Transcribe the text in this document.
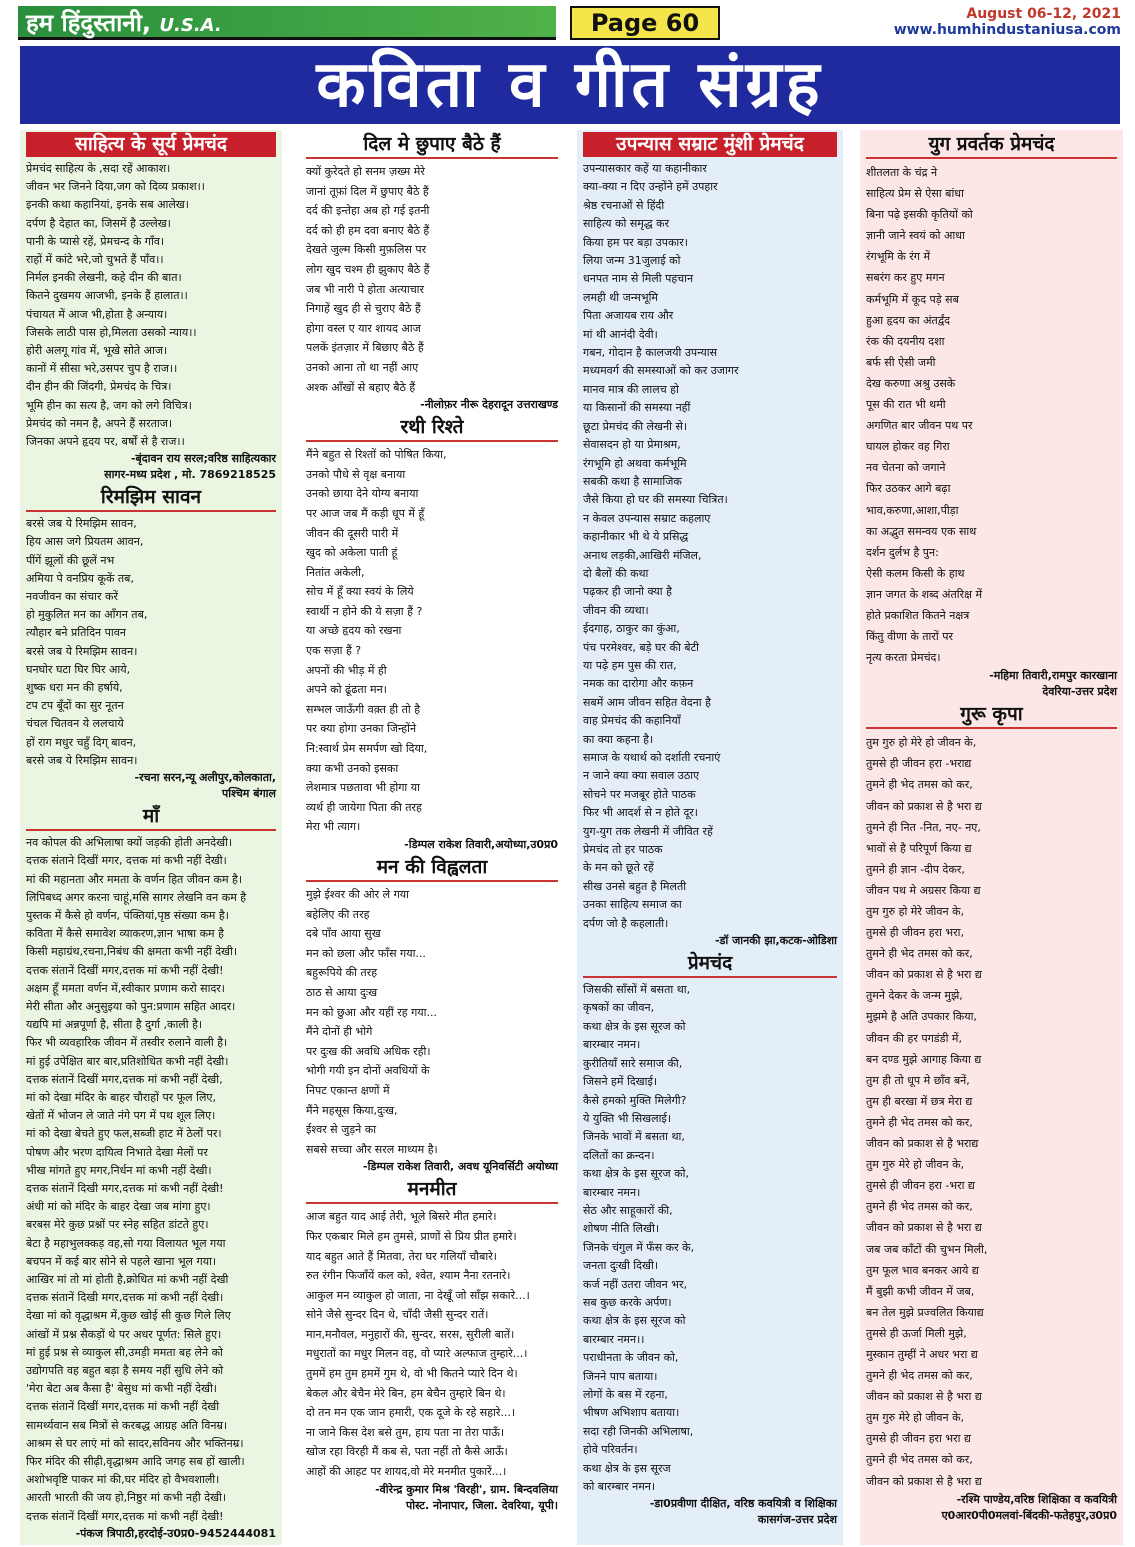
हम हिंदुस्तानी, U.S.A.	Page 60	August 06-12, 2021
www.humhindustaniusa.com
कविता व गीत संग्रह
साहित्य के सूर्य प्रेमचंद
प्रेमचंद साहित्य के ,सदा रहें आकाश।
जीवन भर जिनने दिया,जग को दिव्य प्रकाश।।
इनकी कथा कहानियां, इनके सब आलेख।
दर्पण है देहात का, जिसमें है उल्लेख।
पानी के प्यासे रहें, प्रेमचन्द के गाँव।
राहों में कांटे भरे,जो चुभते हैं पाँव।।
निर्मल इनकी लेखनी, कहे दीन की बात।
कितने दुखमय आजभी, इनके हैं हालात।।
पंचायत में आज भी,होता है अन्याय।
जिसके लाठी पास हो,मिलता उसको न्याय।।
होरी अलगू गांव में, भूखे सोते आज।
कानों में सीसा भरे,उसपर चुप है राज।।
दीन हीन की जिंदगी, प्रेमचंद के चित्र।
भूमि हीन का सत्य है, जग को लगे विचित्र।
प्रेमचंद को नमन है, अपने हैं सरताज।
जिनका अपने हृदय पर, बर्षों से है राज।।
-बृंदावन राय सरल;वरिष्ठ साहित्यकार
सागर-मध्य प्रदेश , मो. 7869218525
रिमझिम सावन
बरसे जब ये रिमझिम सावन,
हिय आस जगे प्रियतम आवन,
पींगें झूलों की छूलें नभ
अमिया पे वनप्रिय कूकें तब,
नवजीवन का संचार करें
हो मुकुलित मन का आँगन तब,
त्यौहार बने प्रतिदिन पावन
बरसे जब ये रिमझिम सावन।
घनघोर घटा घिर घिर आये,
शुष्क धरा मन की हर्षाये,
टप टप बूँदों का सुर नूतन
चंचल चितवन ये ललचाये
हों राग मधुर चहुँ दिग् बावन,
बरसे जब ये रिमझिम सावन।
-रचना सरन,न्यू अलीपुर,कोलकाता,
पश्चिम बंगाल
माँ
नव कोपल की अभिलाषा क्यों जड़की होती अनदेखी।
दत्तक संताने दिखीं मगर, दत्तक मां कभी नहीं देखी।
मां की महानता और ममता के वर्णन हित जीवन कम है।
लिपिबध्द अगर करना चाहूं,मसि सागर लेखनि वन कम है
पुस्तक में कैसे हो वर्णन, पंक्तियां,पृष्ठ संख्या कम है।
कविता में कैसे समावेश व्याकरण,ज्ञान भाषा कम है
किसी महाग्रंथ,रचना,निबंध की क्षमता कभी नहीं देखी।
दत्तक संतानें दिखीं मगर,दत्तक मां कभी नहीं देखी!
अक्षम हूँ ममता वर्णन में,स्वीकार प्रणाम करो सादर।
मेरी सीता और अनुसुइया को पुन:प्रणाम सहित आदर।
यद्यपि मां अन्नपूर्णा है, सीता है दुर्गा ,काली है।
फिर भी व्यवहारिक जीवन में तस्वीर रुलाने वाली है।
मां हुई उपेक्षित बार बार,प्रतिशोधित कभी नहीं देखी।
दत्तक संतानें दिखीं मगर,दत्तक मां कभी नहीं देखी,
मां को देखा मंदिर के बाहर चौराहों पर फूल लिए,
खेतों में भोजन ले जाते नंगे पग में पथ शूल लिए।
मां को देखा बेचते हुए फल,सब्जी हाट में ठेलों पर।
पोषण और भरण दायित्व निभाते देखा मेलों पर
भीख मांगते हुए मगर,निर्धन मां कभी नहीं देखी।
दत्तक संतानें दिखी मगर,दत्तक मां कभी नहीं देखी!
अंधी मां को मंदिर के बाहर देखा जब मांगा हुए।
बरबस मेरे कुछ प्रश्नों पर स्नेह सहित डांटते हुए।
बेटा है महाभुलक्कड़ वह,सो गया विलायत भूल गया
बचपन में कई बार सोने से पहले खाना भूल गया।
आखिर मां तो मां होती है,क्रोधित मां कभी नहीं देखी
दत्तक संतानें दिखी मगर,दत्तक मां कभी नहीं देखी।
देखा मां को वृद्धाश्रम में,कुछ खोई सी कुछ गिले लिए
आंखों में प्रश्न सैकड़ों थे पर अधर पूर्णत: सिले हुए।
मां हुई प्रश्न से व्याकुल सी,उमड़ी ममता बह लेने को
उद्योगपति वह बहुत बड़ा है समय नहीं सुधि लेने को
'मेरा बेटा अब कैसा है' बेसुध मां कभी नहीं देखी।
दत्तक संतानें दिखीं मगर,दत्तक मां कभी नहीं देखी
सामर्थ्यवान सब मित्रों से करबद्ध आग्रह अति विनम्र।
आश्रम से घर लाएं मां को सादर,सविनय और भक्तिनम्र।
फिर मंदिर की सीढ़ी,वृद्धाश्रम आदि जगह सब हों खाली।
अशोभवृष्टि पाकर मां की,घर मंदिर हो वैभवशाली।
आरती भारती की जय हो,निष्ठुर मां कभी नही देखी।
दत्तक संतानें दिखीं मगर,दत्तक मां कभी नहीं देखी!
-पंकज त्रिपाठी,हरदोई-उ0प्र0-9452444081
दिल मे छुपाए बैठे हैं
क्यों कुरेदते हो सनम ज़ख्म मेरे
जानां तूफ़ां दिल में छुपाए बैठे हैं
दर्द की इन्तेहा अब हो गई इतनी
दर्द को ही हम दवा बनाए बैठे हैं
देखते जुल्म किसी मुफ़लिस पर
लोग खुद चश्म ही झुकाए बैठे हैं
जब भी नारी पे होता अत्याचार
निगाहें खुद ही से चुराए बैठे हैं
होगा वस्ल ए यार शायद आज
पलकें इंतज़ार में बिछाए बैठे हैं
उनको आना तो था नहीं आए
अश्क आँखों से बहाए बैठे हैं
-नीलोफ़र नीरू देहरादून उत्तराखण्ड
रथी रिश्ते
मैंने बहुत से रिश्तों को पोषित किया,
उनको पौधे से वृक्ष बनाया
उनको छाया देने योग्य बनाया
पर आज जब मैं कड़ी धूप में हूँ
जीवन की दूसरी पारी में
खुद को अकेला पाती हूं
नितांत अकेली,
सोच में हूँ क्या स्वयं के लिये
स्वार्थी न होने की ये सज़ा हैं ?
या अच्छे हृदय को रखना
एक सज़ा हैं ?
अपनों की भीड़ में ही
अपने को ढूंढता मन।
सम्भल जाऊँगी वक़्त ही तो है
पर क्या होगा उनका जिन्होंने
नि:स्वार्थ प्रेम समर्पण खो दिया,
क्या कभी उनको इसका
लेशमात्र पछतावा भी होगा या
व्यर्थ ही जायेगा पिता की तरह
मेरा भी त्याग।
-डिम्पल राकेश तिवारी,अयोध्या,उ0प्र0
मन की विह्वलता
मुझे ईश्वर की ओर ले गया
बहेलिए की तरह
दबे पाँव आया सुख
मन को छला और फाँस गया...
बहुरूपिये की तरह
ठाठ से आया दुःख
मन को छुआ और यहीं रह गया...
मैंने दोनों ही भोगे
पर दुःख की अवधि अधिक रही।
भोगी गयी इन दोनों अवधियों के
निपट एकान्त क्षणों में
मैंने महसूस किया,दुःख,
ईश्वर से जुड़ने का
सबसे सच्चा और सरल माध्यम है।
-डिम्पल राकेश तिवारी, अवध यूनिवर्सिटी अयोध्या
मनमीत
आज बहुत याद आई तेरी, भूले बिसरे मीत हमारे।
फिर एकबार मिले हम तुमसे, प्राणों से प्रिय प्रीत हमारे।
याद बहुत आते हैं मितवा, तेरा घर गलियाँ चौबारे।
रुत रंगीन फिजाँयें कल को, श्वेत, श्याम नैना रतनारे।
आकुल मन व्याकुल हो जाता, ना देखूँ जो साँझ सकारे...।
सोने जैसे सुन्दर दिन थे, चाँदी जैसी सुन्दर रातें।
मान,मनौवल, मनुहारों की, सुन्दर, सरस, सुरीली बातें।
मधुरातों का मधुर मिलन वह, वो प्यारे अल्फाज तुम्हारे...।
तुममें हम तुम हममें गुम थे, वो भी कितने प्यारे दिन थे।
बेकल और बेचैन मेरे बिन, हम बेचैन तुम्हारे बिन थे।
दो तन मन एक जान हमारी, एक दूजे के रहे सहारे...।
ना जाने किस देश बसे तुम, हाय पता ना तेरा पाऊँ।
खोज रहा विरही मैं कब से, पता नहीं तो कैसे आऊँ।
आहों की आहट पर शायद,वो मेरे मनमीत पुकारें...।
-वीरेन्द्र कुमार मिश्र 'विरही', ग्राम. बिन्दवलिया
पोस्ट. नोनापार, जिला. देवरिया, यूपी।
उपन्यास सम्राट मुंशी प्रेमचंद
उपन्यासकार कहें या कहानीकार
क्या-क्या न दिए उन्होंने हमें उपहार
श्रेष्ठ रचनाओं से हिंदी
साहित्य को समृद्ध कर
किया हम पर बड़ा उपकार।
लिया जन्म 31जुलाई को
धनपत नाम से मिली पहचान
लमही थी जन्मभूमि
पिता अजायब राय और
मां थी आनंदी देवी।
गबन, गोदान है कालजयी उपन्यास
मध्यमवर्ग की समस्याओं को कर उजागर
मानव मात्र की लालच हो
या किसानों की समस्या नहीं
छूटा प्रेमचंद की लेखनी से।
सेवासदन हो या प्रेमाश्रम,
रंगभूमि हो अथवा कर्मभूमि
सबकी कथा है सामाजिक
जैसे किया हो घर की समस्या चित्रित।
न केवल उपन्यास सम्राट कहलाए
कहानीकार भी थे ये प्रसिद्ध
अनाथ लड़की,आखिरी मंजिल,
दो बैलों की कथा
पढ़कर ही जानो क्या है
जीवन की व्यथा।
ईदगाह, ठाकुर का कुंआ,
पंच परमेश्वर, बड़े घर की बेटी
या पढ़े हम पुस की रात,
नमक का दारोगा और कफ़न
सबमें आम जीवन सहित वेदना है
वाह प्रेमचंद की कहानियाँ
का क्या कहना है।
समाज के यथार्थ को दर्शाती रचनाएं
न जाने क्या क्या सवाल उठाए
सोचने पर मजबूर होते पाठक
फिर भी आदर्श से न होते दूर।
युग-युग तक लेखनी में जीवित रहें
प्रेमचंद तो हर पाठक
के मन को छूते रहें
सीख उनसे बहुत है मिलती
उनका साहित्य समाज का
दर्पण जो है कहलाती।
-डॉ जानकी झा,कटक-ओडिशा
प्रेमचंद
जिसकी साँसों में बसता था,
कृषकों का जीवन,
कथा क्षेत्र के इस सूरज को
बारम्बार नमन।
कुरीतियाँ सारे समाज की,
जिसने हमें दिखाई।
कैसे हमको मुक्ति मिलेगी?
ये युक्ति भी सिखलाई।
जिनके भावों में बसता था,
दलितों का क्रन्दन।
कथा क्षेत्र के इस सूरज को,
बारम्बार नमन।
सेठ और साहूकारों की,
शोषण नीति लिखी।
जिनके चंगुल में फँस कर के,
जनता दुःखी दिखी।
कर्ज नहीं उतरा जीवन भर,
सब कुछ करके अर्पण।
कथा क्षेत्र के इस सूरज को
बारम्बार नमन।।
पराधीनता के जीवन को,
जिनने पाप बताया।
लोगों के बस में रहना,
भीषण अभिशाप बताया।
सदा रही जिनकी अभिलाषा,
होवे परिवर्तन।
कथा क्षेत्र के इस सूरज
को बारम्बार नमन।
-डा0प्रवीणा दीक्षित, वरिष्ठ कवयित्री व शिक्षिका
कासगंज-उत्तर प्रदेश
युग प्रवर्तक प्रेमचंद
शीतलता के चंद्र ने
साहित्य प्रेम से ऐसा बांधा
बिना पढ़े इसकी कृतियों को
ज्ञानी जाने स्वयं को आधा
रंगभूमि के रंग में
सबरंग कर हुए मगन
कर्मभूमि में कूद पड़े सब
हुआ हृदय का अंतर्द्वंद
रंक की दयनीय दशा
बर्फ सी ऐसी जमी
देख करुणा अश्रु उसके
पूस की रात भी थमी
अगणित बार जीवन पथ पर
घायल होकर वह गिरा
नव चेतना को जगाने
फिर उठकर आगे बढ़ा
भाव,करुणा,आशा,पीड़ा
का अद्भुत समन्वय एक साथ
दर्शन दुर्लभ है पुन:
ऐसी कलम किसी के हाथ
ज्ञान जगत के शब्द अंतरिक्ष में
होते प्रकाशित कितने नक्षत्र
किंतु वीणा के तारों पर
नृत्य करता प्रेमचंद।
-महिमा तिवारी,रामपुर कारखाना
देवरिया-उत्तर प्रदेश
गुरू कृपा
तुम गुरु हो मेरे हो जीवन के,
तुमसे ही जीवन हरा -भराद्य
तुमने ही भेद तमस को कर,
जीवन को प्रकाश से है भरा द्य
तुमने ही नित -नित, नए- नए,
भावों से है परिपूर्ण किया द्य
तुमने ही ज्ञान -दीप देकर,
जीवन पथ मे अग्रसर किया द्य
तुम गुरु हो मेरे जीवन के,
तुमसे ही जीवन हरा भरा,
तुमने ही भेद तमस को कर,
जीवन को प्रकाश से है भरा द्य
तुमने देकर के जन्म मुझे,
मुझमे है अति उपकार किया,
जीवन की हर पगडंडी में,
बन दण्ड मुझे आगाह किया द्य
तुम ही तो धूप मे छाँव बनें,
तुम ही बरखा में छत्र मेरा द्य
तुमने ही भेद तमस को कर,
जीवन को प्रकाश से है भराद्य
तुम गुरु मेरे हो जीवन के,
तुमसे ही जीवन हरा -भरा द्य
तुमने ही भेद तमस को कर,
जीवन को प्रकाश से है भरा द्य
जब जब काँटों की चुभन मिली,
तुम फूल भाव बनकर आये द्य
मैं बुझी कभी जीवन में जब,
बन तेल मुझे प्रज्वलित कियाद्य
तुमसे ही ऊर्जा मिली मुझे,
मुस्कान तुम्हीं ने अधर भरा द्य
तुमने ही भेद तमस को कर,
जीवन को प्रकाश से है भरा द्य
तुम गुरु मेरे हो जीवन के,
तुमसे ही जीवन हरा भरा द्य
तुमने ही भेद तमस को कर,
जीवन को प्रकाश से है भरा द्य
-रश्मि पाण्डेय,वरिष्ठ शिक्षिका व कवयित्री
ए0आर0पी0मलवां-बिंदकी-फतेहपुर,उ0प्र0
